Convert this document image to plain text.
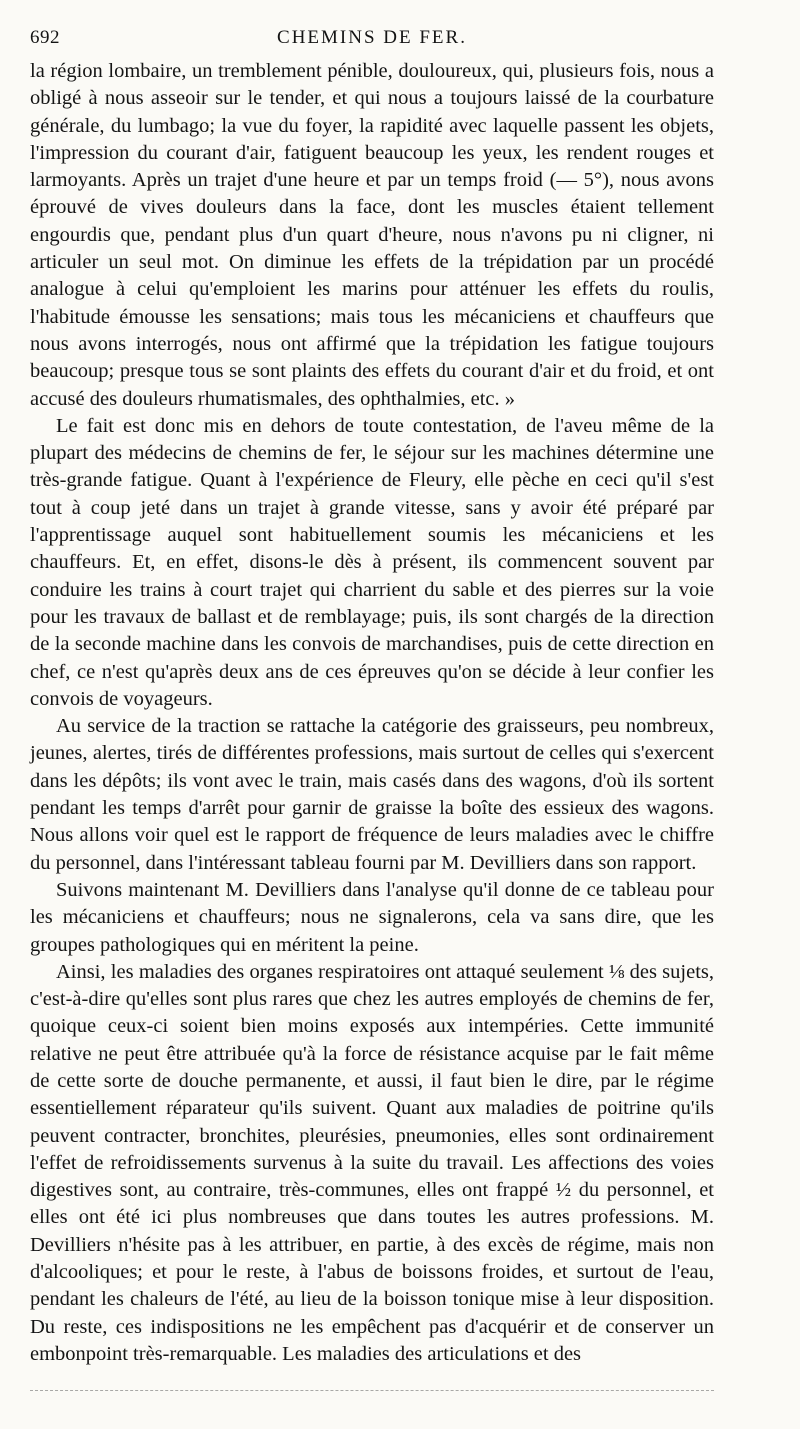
692	CHEMINS DE FER.

la région lombaire, un tremblement pénible, douloureux, qui, plusieurs fois, nous a obligé à nous asseoir sur le tender, et qui nous a toujours laissé de la courbature générale, du lumbago; la vue du foyer, la rapidité avec laquelle passent les objets, l'impression du courant d'air, fatiguent beaucoup les yeux, les rendent rouges et larmoyants. Après un trajet d'une heure et par un temps froid (— 5°), nous avons éprouvé de vives douleurs dans la face, dont les muscles étaient tellement engourdis que, pendant plus d'un quart d'heure, nous n'avons pu ni cligner, ni articuler un seul mot. On diminue les effets de la trépidation par un procédé analogue à celui qu'emploient les marins pour atténuer les effets du roulis, l'habitude émousse les sensations; mais tous les mécaniciens et chauffeurs que nous avons interrogés, nous ont affirmé que la trépidation les fatigue toujours beaucoup; presque tous se sont plaints des effets du courant d'air et du froid, et ont accusé des douleurs rhumatismales, des ophthalmies, etc. »

Le fait est donc mis en dehors de toute contestation, de l'aveu même de la plupart des médecins de chemins de fer, le séjour sur les machines détermine une très-grande fatigue. Quant à l'expérience de Fleury, elle pèche en ceci qu'il s'est tout à coup jeté dans un trajet à grande vitesse, sans y avoir été préparé par l'apprentissage auquel sont habituellement soumis les mécaniciens et les chauffeurs. Et, en effet, disons-le dès à présent, ils commencent souvent par conduire les trains à court trajet qui charrient du sable et des pierres sur la voie pour les travaux de ballast et de remblayage; puis, ils sont chargés de la direction de la seconde machine dans les convois de marchandises, puis de cette direction en chef, ce n'est qu'après deux ans de ces épreuves qu'on se décide à leur confier les convois de voyageurs.

Au service de la traction se rattache la catégorie des graisseurs, peu nombreux, jeunes, alertes, tirés de différentes professions, mais surtout de celles qui s'exercent dans les dépôts; ils vont avec le train, mais casés dans des wagons, d'où ils sortent pendant les temps d'arrêt pour garnir de graisse la boîte des essieux des wagons. Nous allons voir quel est le rapport de fréquence de leurs maladies avec le chiffre du personnel, dans l'intéressant tableau fourni par M. Devilliers dans son rapport.

Suivons maintenant M. Devilliers dans l'analyse qu'il donne de ce tableau pour les mécaniciens et chauffeurs; nous ne signalerons, cela va sans dire, que les groupes pathologiques qui en méritent la peine.

Ainsi, les maladies des organes respiratoires ont attaqué seulement ⅛ des sujets, c'est-à-dire qu'elles sont plus rares que chez les autres employés de chemins de fer, quoique ceux-ci soient bien moins exposés aux intempéries. Cette immunité relative ne peut être attribuée qu'à la force de résistance acquise par le fait même de cette sorte de douche permanente, et aussi, il faut bien le dire, par le régime essentiellement réparateur qu'ils suivent. Quant aux maladies de poitrine qu'ils peuvent contracter, bronchites, pleurésies, pneumonies, elles sont ordinairement l'effet de refroidissements survenus à la suite du travail. Les affections des voies digestives sont, au contraire, très-communes, elles ont frappé ½ du personnel, et elles ont été ici plus nombreuses que dans toutes les autres professions. M. Devilliers n'hésite pas à les attribuer, en partie, à des excès de régime, mais non d'alcooliques; et pour le reste, à l'abus de boissons froides, et surtout de l'eau, pendant les chaleurs de l'été, au lieu de la boisson tonique mise à leur disposition. Du reste, ces indispositions ne les empêchent pas d'acquérir et de conserver un embonpoint très-remarquable. Les maladies des articulations et des
